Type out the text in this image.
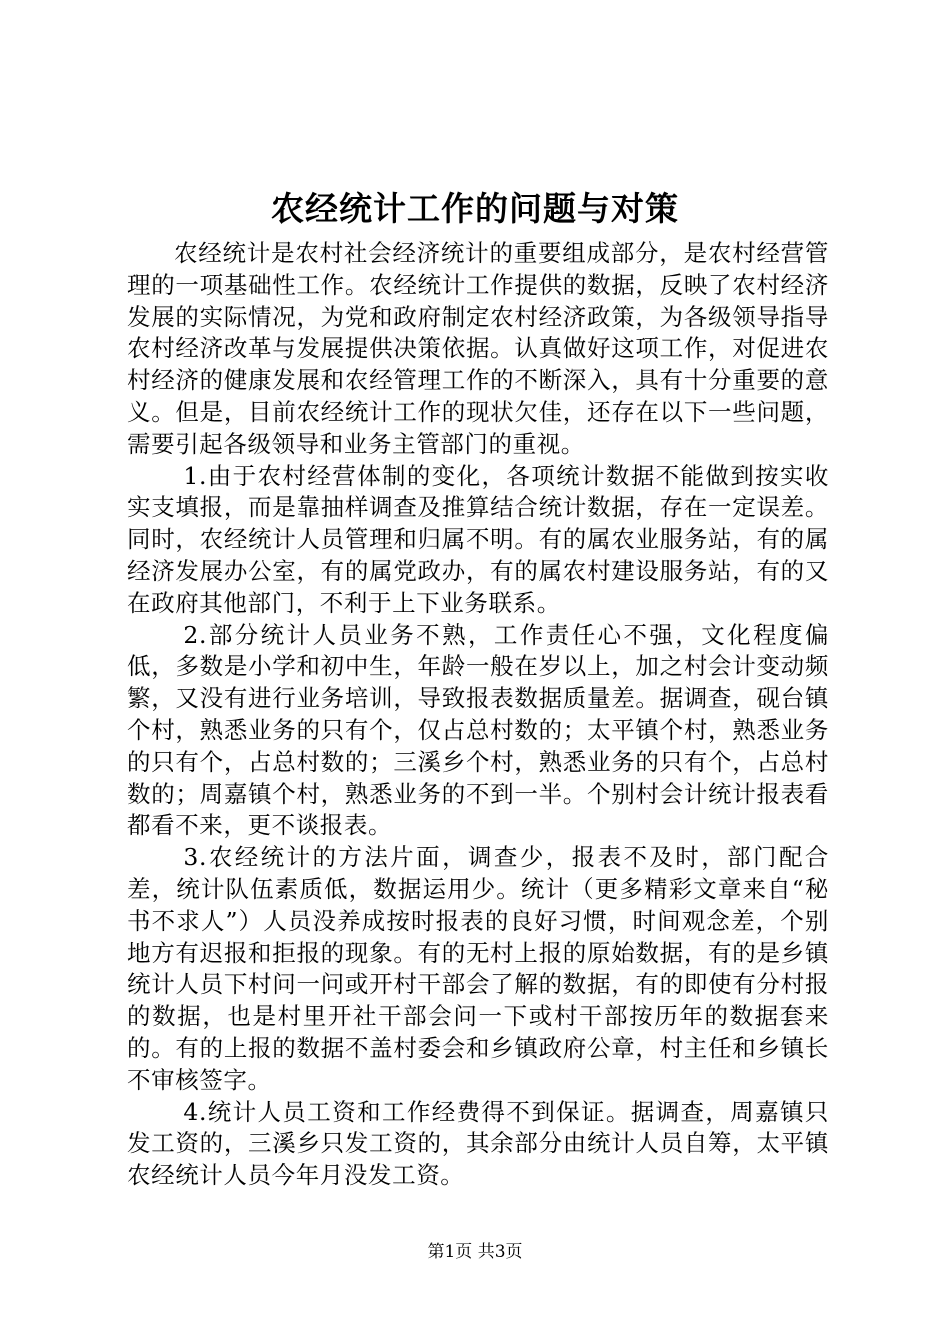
农经统计工作的问题与对策

农经统计是农村社会经济统计的重要组成部分，是农村经营管理的一项基础性工作。农经统计工作提供的数据，反映了农村经济发展的实际情况，为党和政府制定农村经济政策，为各级领导指导农村经济改革与发展提供决策依据。认真做好这项工作，对促进农村经济的健康发展和农经管理工作的不断深入，具有十分重要的意义。但是，目前农经统计工作的现状欠佳，还存在以下一些问题，需要引起各级领导和业务主管部门的重视。

1.由于农村经营体制的变化，各项统计数据不能做到按实收实支填报，而是靠抽样调查及推算结合统计数据，存在一定误差。同时，农经统计人员管理和归属不明。有的属农业服务站，有的属经济发展办公室，有的属党政办，有的属农村建设服务站，有的又在政府其他部门，不利于上下业务联系。

2.部分统计人员业务不熟，工作责任心不强，文化程度偏低，多数是小学和初中生，年龄一般在岁以上，加之村会计变动频繁，又没有进行业务培训，导致报表数据质量差。据调查，砚台镇个村，熟悉业务的只有个，仅占总村数的；太平镇个村，熟悉业务的只有个，占总村数的；三溪乡个村，熟悉业务的只有个，占总村数的；周嘉镇个村，熟悉业务的不到一半。个别村会计统计报表看都看不来，更不谈报表。

3.农经统计的方法片面，调查少，报表不及时，部门配合差，统计队伍素质低，数据运用少。统计（更多精彩文章来自“秘书不求人”）人员没养成按时报表的良好习惯，时间观念差，个别地方有迟报和拒报的现象。有的无村上报的原始数据，有的是乡镇统计人员下村问一问或开村干部会了解的数据，有的即使有分村报的数据，也是村里开社干部会问一下或村干部按历年的数据套来的。有的上报的数据不盖村委会和乡镇政府公章，村主任和乡镇长不审核签字。

4.统计人员工资和工作经费得不到保证。据调查，周嘉镇只发工资的，三溪乡只发工资的，其余部分由统计人员自筹，太平镇农经统计人员今年月没发工资。

第1页 共3页
